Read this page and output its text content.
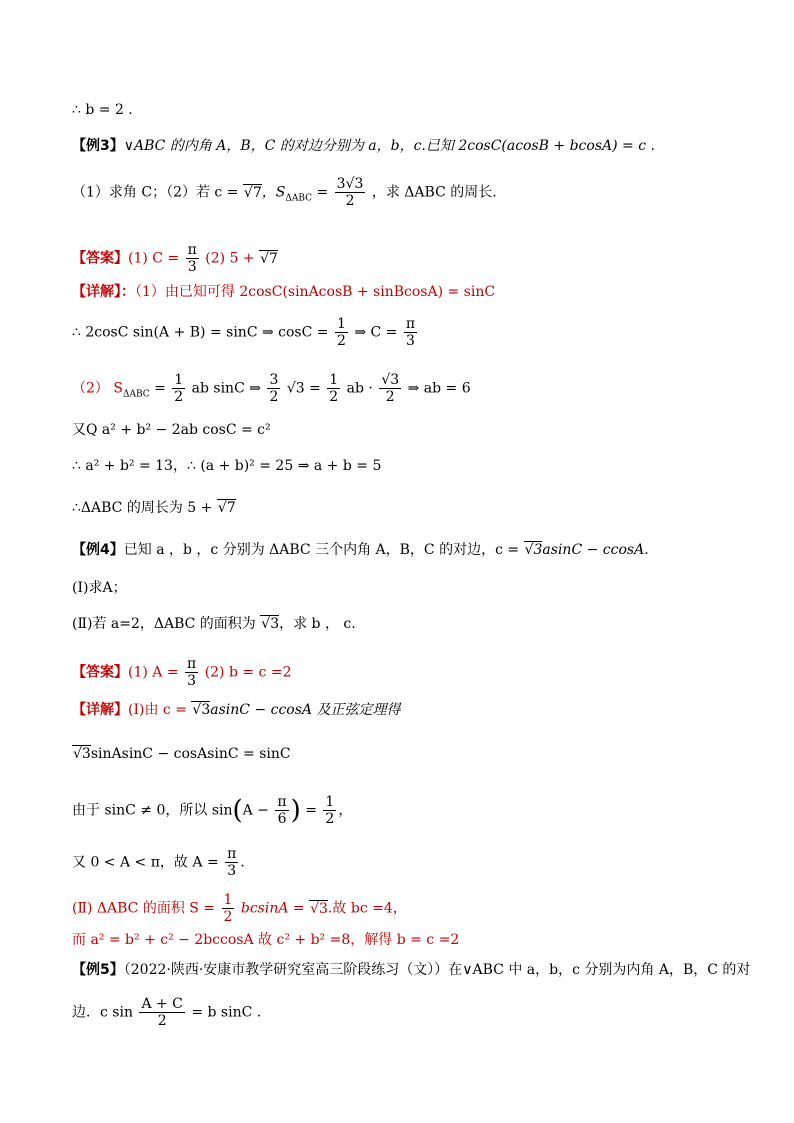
∴ b = 2 .
【例3】∨ABC 的内角 A，B，C 的对边分别为 a，b，c.已知 2cosC(acosB + bcosA) = c .
（1）求角 C；（2）若 c = √7，$S_{\Delta ABC} = \frac{3√3}{2}$ ，求 ΔABC 的周长.
【答案】(1) $C = \frac{\pi}{3} (2) 5 + √7$
【详解】：（1）由已知可得 2cosC(sinAcosB + sinBcosA) = sinC
∴ 2cosC sin(A + B) = sinC ⇒ $\cos C = \frac{1}{2}$ ⇒ $C = \frac{\pi}{3}$
（2） $S_{\Delta ABC} = \frac{1}{2}$ ab sinC ⇒ $\frac{3}{2} √3 = \frac{1}{2}$ ab · $\frac{√3}{2}$ ⇒ ab = 6
又Q a² + b² − 2ab cosC = c²
∴ a² + b² = 13，∴ (a + b)² = 25 ⇒ a + b = 5
∴ΔABC 的周长为 5 + √7
【例4】已知 a ，b ，c 分别为 ΔABC 三个内角 A，B，C 的对边，c = √3asinC − ccosA.
(Ⅰ)求A；
(Ⅱ)若 a=2，ΔABC 的面积为 √3，求 b ， c.
【答案】(1) $A = \frac{\pi}{3} (2) b = c =2$
【详解】(Ⅰ)由 c = √3asinC − ccosA 及正弦定理得
√3sinAsinC − cosAsinC = sinC
由于 sinC ≠ 0，所以 $\sin(A - \frac{\pi}{6}$ ) = $\frac{1}{2}$ ，
又 0 < A < π，故 $A = \frac{\pi}{3}$ .
(Ⅱ) ΔABC 的面积 $S = \frac{1}{2}$ bcsinA = √3.故 bc =4，
而 a² = b² + c² − 2bccosA 故 c² + b² =8，解得 b = c =2
【例5】（2022·陕西·安康市教学研究室高三阶段练习（文））在∨ABC 中 a，b，c 分别为内角 A，B，C 的对
边．c $\sin \frac{A + C}{2} = b$ sinC .
